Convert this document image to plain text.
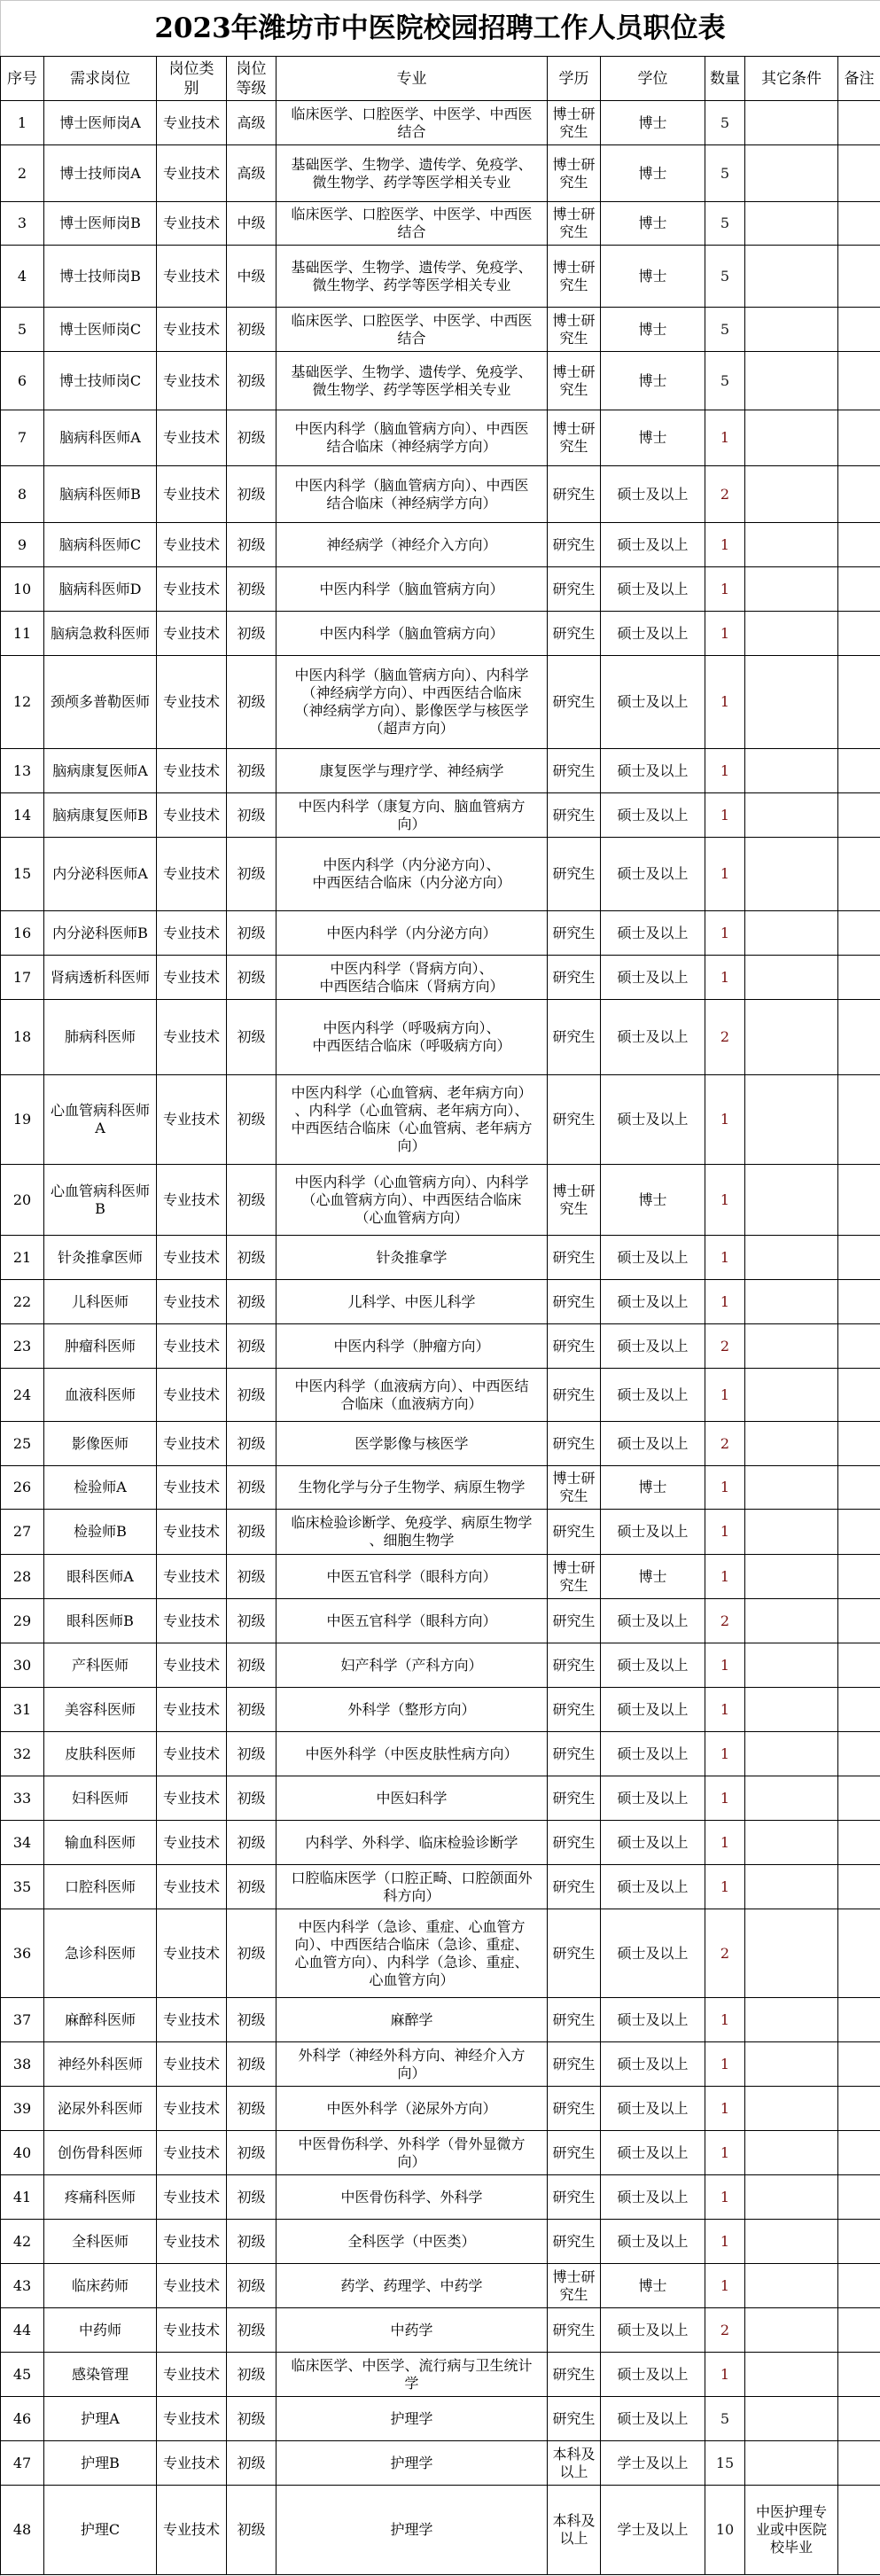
2023年潍坊市中医院校园招聘工作人员职位表
序号	需求岗位	岗位类
别	岗位
等级	专业	学历	学位	数量	其它条件	备注
1	博士医师岗A	专业技术	高级	临床医学、口腔医学、中医学、中西医
结合	博士研
究生	博士	5		
2	博士技师岗A	专业技术	高级	基础医学、生物学、遗传学、免疫学、
微生物学、药学等医学相关专业	博士研
究生	博士	5		
3	博士医师岗B	专业技术	中级	临床医学、口腔医学、中医学、中西医
结合	博士研
究生	博士	5		
4	博士技师岗B	专业技术	中级	基础医学、生物学、遗传学、免疫学、
微生物学、药学等医学相关专业	博士研
究生	博士	5		
5	博士医师岗C	专业技术	初级	临床医学、口腔医学、中医学、中西医
结合	博士研
究生	博士	5		
6	博士技师岗C	专业技术	初级	基础医学、生物学、遗传学、免疫学、
微生物学、药学等医学相关专业	博士研
究生	博士	5		
7	脑病科医师A	专业技术	初级	中医内科学（脑血管病方向）、中西医
结合临床（神经病学方向）	博士研
究生	博士	1		
8	脑病科医师B	专业技术	初级	中医内科学（脑血管病方向）、中西医
结合临床（神经病学方向）	研究生	硕士及以上	2		
9	脑病科医师C	专业技术	初级	神经病学（神经介入方向）	研究生	硕士及以上	1		
10	脑病科医师D	专业技术	初级	中医内科学（脑血管病方向）	研究生	硕士及以上	1		
11	脑病急救科医师	专业技术	初级	中医内科学（脑血管病方向）	研究生	硕士及以上	1		
12	颈颅多普勒医师	专业技术	初级	中医内科学（脑血管病方向）、内科学
（神经病学方向）、中西医结合临床
（神经病学方向）、影像医学与核医学
（超声方向）	研究生	硕士及以上	1		
13	脑病康复医师A	专业技术	初级	康复医学与理疗学、神经病学	研究生	硕士及以上	1		
14	脑病康复医师B	专业技术	初级	中医内科学（康复方向、脑血管病方
向）	研究生	硕士及以上	1		
15	内分泌科医师A	专业技术	初级	中医内科学（内分泌方向）、
中西医结合临床（内分泌方向）	研究生	硕士及以上	1		
16	内分泌科医师B	专业技术	初级	中医内科学（内分泌方向）	研究生	硕士及以上	1		
17	肾病透析科医师	专业技术	初级	中医内科学（肾病方向）、
中西医结合临床（肾病方向）	研究生	硕士及以上	1		
18	肺病科医师	专业技术	初级	中医内科学（呼吸病方向）、
中西医结合临床（呼吸病方向）	研究生	硕士及以上	2		
19	心血管病科医师A	专业技术	初级	中医内科学（心血管病、老年病方向）
、内科学（心血管病、老年病方向）、
中西医结合临床（心血管病、老年病方
向）	研究生	硕士及以上	1		
20	心血管病科医师B	专业技术	初级	中医内科学（心血管病方向）、内科学
（心血管病方向）、中西医结合临床
（心血管病方向）	博士研
究生	博士	1		
21	针灸推拿医师	专业技术	初级	针灸推拿学	研究生	硕士及以上	1		
22	儿科医师	专业技术	初级	儿科学、中医儿科学	研究生	硕士及以上	1		
23	肿瘤科医师	专业技术	初级	中医内科学（肿瘤方向）	研究生	硕士及以上	2		
24	血液科医师	专业技术	初级	中医内科学（血液病方向）、中西医结
合临床（血液病方向）	研究生	硕士及以上	1		
25	影像医师	专业技术	初级	医学影像与核医学	研究生	硕士及以上	2		
26	检验师A	专业技术	初级	生物化学与分子生物学、病原生物学	博士研
究生	博士	1		
27	检验师B	专业技术	初级	临床检验诊断学、免疫学、病原生物学
、细胞生物学	研究生	硕士及以上	1		
28	眼科医师A	专业技术	初级	中医五官科学（眼科方向）	博士研
究生	博士	1		
29	眼科医师B	专业技术	初级	中医五官科学（眼科方向）	研究生	硕士及以上	2		
30	产科医师	专业技术	初级	妇产科学（产科方向）	研究生	硕士及以上	1		
31	美容科医师	专业技术	初级	外科学（整形方向）	研究生	硕士及以上	1		
32	皮肤科医师	专业技术	初级	中医外科学（中医皮肤性病方向）	研究生	硕士及以上	1		
33	妇科医师	专业技术	初级	中医妇科学	研究生	硕士及以上	1		
34	输血科医师	专业技术	初级	内科学、外科学、临床检验诊断学	研究生	硕士及以上	1		
35	口腔科医师	专业技术	初级	口腔临床医学（口腔正畸、口腔颌面外
科方向）	研究生	硕士及以上	1		
36	急诊科医师	专业技术	初级	中医内科学（急诊、重症、心血管方
向）、中西医结合临床（急诊、重症、
心血管方向）、内科学（急诊、重症、
心血管方向）	研究生	硕士及以上	2		
37	麻醉科医师	专业技术	初级	麻醉学	研究生	硕士及以上	1		
38	神经外科医师	专业技术	初级	外科学（神经外科方向、神经介入方
向）	研究生	硕士及以上	1		
39	泌尿外科医师	专业技术	初级	中医外科学（泌尿外方向）	研究生	硕士及以上	1		
40	创伤骨科医师	专业技术	初级	中医骨伤科学、外科学（骨外显微方
向）	研究生	硕士及以上	1		
41	疼痛科医师	专业技术	初级	中医骨伤科学、外科学	研究生	硕士及以上	1		
42	全科医师	专业技术	初级	全科医学（中医类）	研究生	硕士及以上	1		
43	临床药师	专业技术	初级	药学、药理学、中药学	博士研
究生	博士	1		
44	中药师	专业技术	初级	中药学	研究生	硕士及以上	2		
45	感染管理	专业技术	初级	临床医学、中医学、流行病与卫生统计
学	研究生	硕士及以上	1		
46	护理A	专业技术	初级	护理学	研究生	硕士及以上	5		
47	护理B	专业技术	初级	护理学	本科及
以上	学士及以上	15		
48	护理C	专业技术	初级	护理学	本科及
以上	学士及以上	10	中医护理专
业或中医院
校毕业	
